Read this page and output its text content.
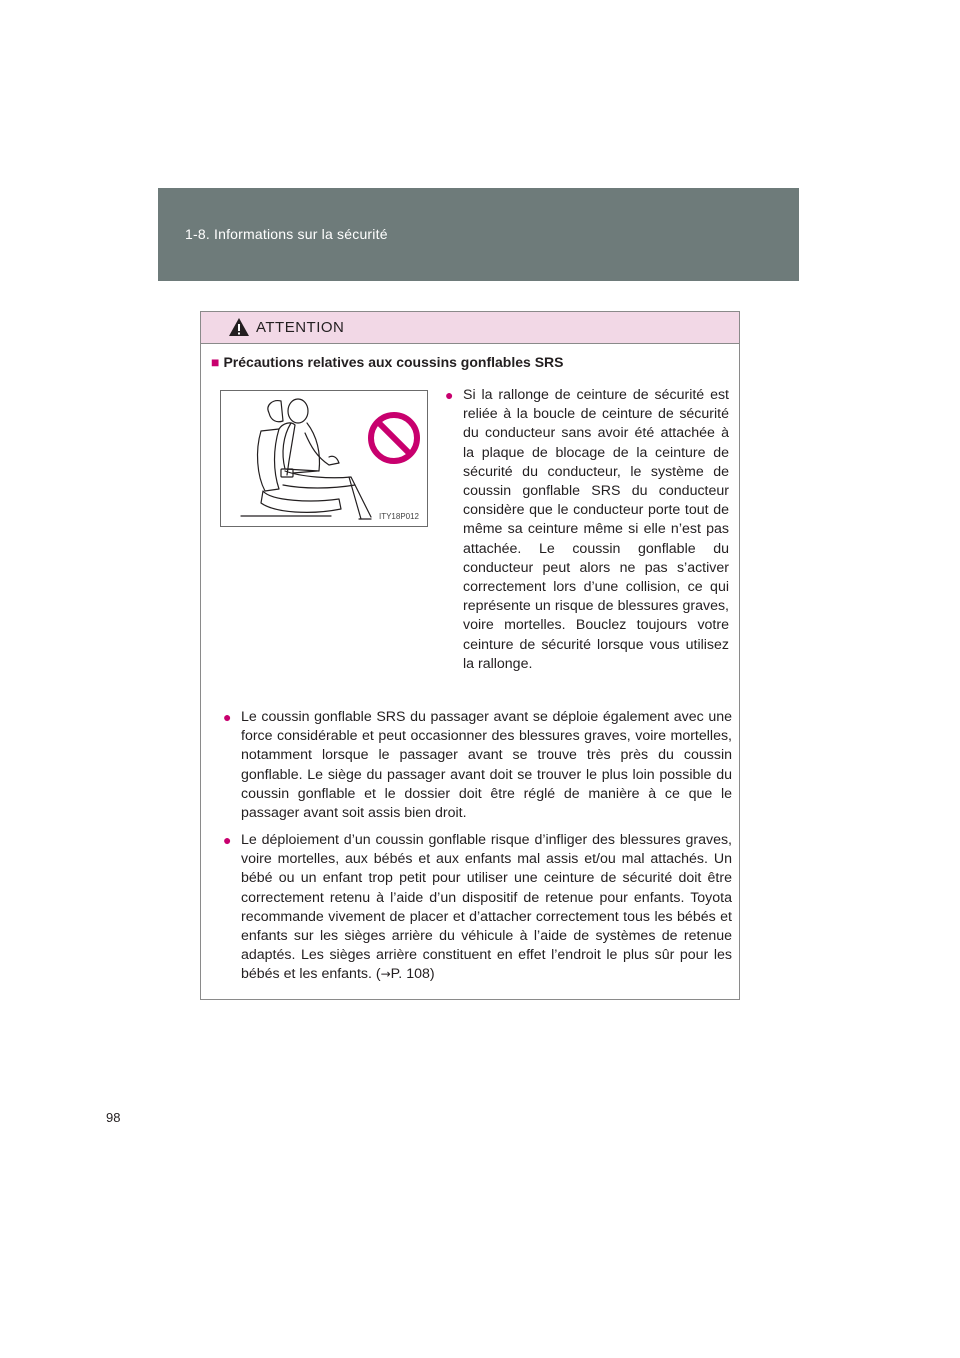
1-8. Informations sur la sécurité
ATTENTION
■ Précautions relatives aux coussins gonflables SRS
ITY18P012
● Si la rallonge de ceinture de sécurité est reliée à la boucle de ceinture de sécurité du conducteur sans avoir été attachée à la plaque de blocage de la ceinture de sécurité du conducteur, le système de coussin gonflable SRS du conducteur considère que le conducteur porte tout de même sa ceinture même si elle n’est pas attachée. Le coussin gonflable du conducteur peut alors ne pas s’activer correctement lors d’une collision, ce qui représente un risque de blessures graves, voire mortelles. Bouclez toujours votre ceinture de sécurité lorsque vous utilisez la rallonge.
● Le coussin gonflable SRS du passager avant se déploie également avec une force considérable et peut occasionner des blessures graves, voire mortelles, notamment lorsque le passager avant se trouve très près du coussin gonflable. Le siège du passager avant doit se trouver le plus loin possible du coussin gonflable et le dossier doit être réglé de manière à ce que le passager avant soit assis bien droit.
● Le déploiement d’un coussin gonflable risque d’infliger des blessures graves, voire mortelles, aux bébés et aux enfants mal assis et/ou mal attachés. Un bébé ou un enfant trop petit pour utiliser une ceinture de sécurité doit être correctement retenu à l’aide d’un dispositif de retenue pour enfants. Toyota recommande vivement de placer et d’attacher correctement tous les bébés et enfants sur les sièges arrière du véhicule à l’aide de systèmes de retenue adaptés. Les sièges arrière constituent en effet l’endroit le plus sûr pour les bébés et les enfants. (→P. 108)
98
